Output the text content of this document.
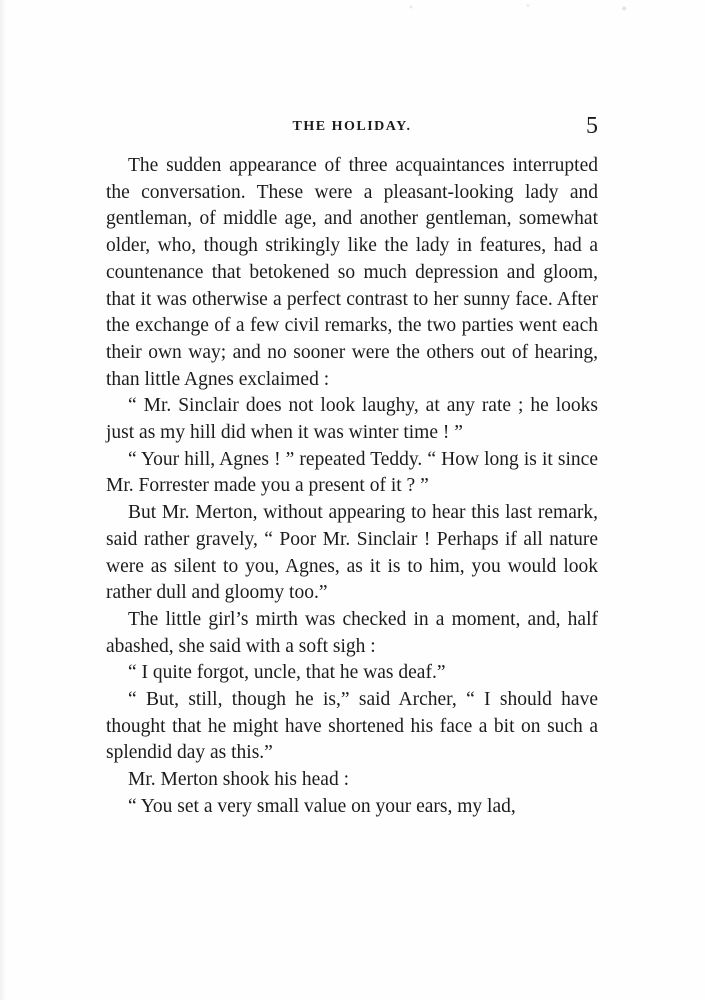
THE HOLIDAY.	5

The sudden appearance of three acquaintances interrupted the conversation. These were a pleasant-looking lady and gentleman, of middle age, and another gentleman, somewhat older, who, though strikingly like the lady in features, had a countenance that betokened so much depression and gloom, that it was otherwise a perfect contrast to her sunny face. After the exchange of a few civil remarks, the two parties went each their own way; and no sooner were the others out of hearing, than little Agnes exclaimed :

“ Mr. Sinclair does not look laughy, at any rate ; he looks just as my hill did when it was winter time ! ”

“ Your hill, Agnes ! ” repeated Teddy. “ How long is it since Mr. Forrester made you a present of it ? ”

But Mr. Merton, without appearing to hear this last remark, said rather gravely, “ Poor Mr. Sinclair ! Perhaps if all nature were as silent to you, Agnes, as it is to him, you would look rather dull and gloomy too.”

The little girl’s mirth was checked in a moment, and, half abashed, she said with a soft sigh :

“ I quite forgot, uncle, that he was deaf.”

“ But, still, though he is,” said Archer, “ I should have thought that he might have shortened his face a bit on such a splendid day as this.”

Mr. Merton shook his head :

“ You set a very small value on your ears, my lad,
